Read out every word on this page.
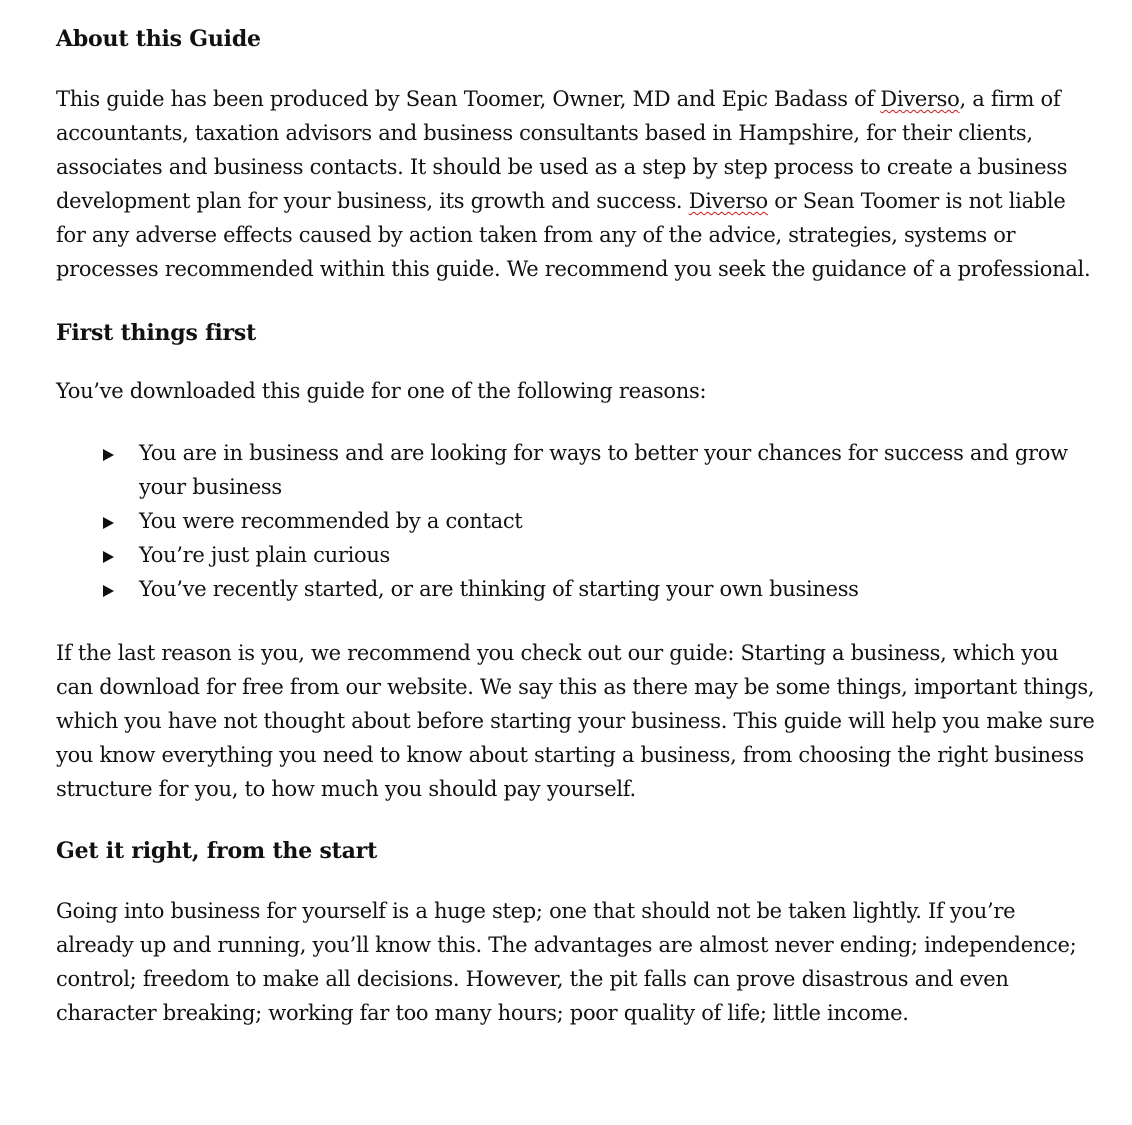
About this Guide

This guide has been produced by Sean Toomer, Owner, MD and Epic Badass of Diverso, a firm of accountants, taxation advisors and business consultants based in Hampshire, for their clients, associates and business contacts. It should be used as a step by step process to create a business development plan for your business, its growth and success. Diverso or Sean Toomer is not liable for any adverse effects caused by action taken from any of the advice, strategies, systems or processes recommended within this guide. We recommend you seek the guidance of a professional.

First things first

You’ve downloaded this guide for one of the following reasons:

You are in business and are looking for ways to better your chances for success and grow your business
You were recommended by a contact
You’re just plain curious
You’ve recently started, or are thinking of starting your own business

If the last reason is you, we recommend you check out our guide: Starting a business, which you can download for free from our website. We say this as there may be some things, important things, which you have not thought about before starting your business. This guide will help you make sure you know everything you need to know about starting a business, from choosing the right business structure for you, to how much you should pay yourself.

Get it right, from the start

Going into business for yourself is a huge step; one that should not be taken lightly. If you’re already up and running, you’ll know this. The advantages are almost never ending; independence; control; freedom to make all decisions. However, the pit falls can prove disastrous and even character breaking; working far too many hours; poor quality of life; little income.
